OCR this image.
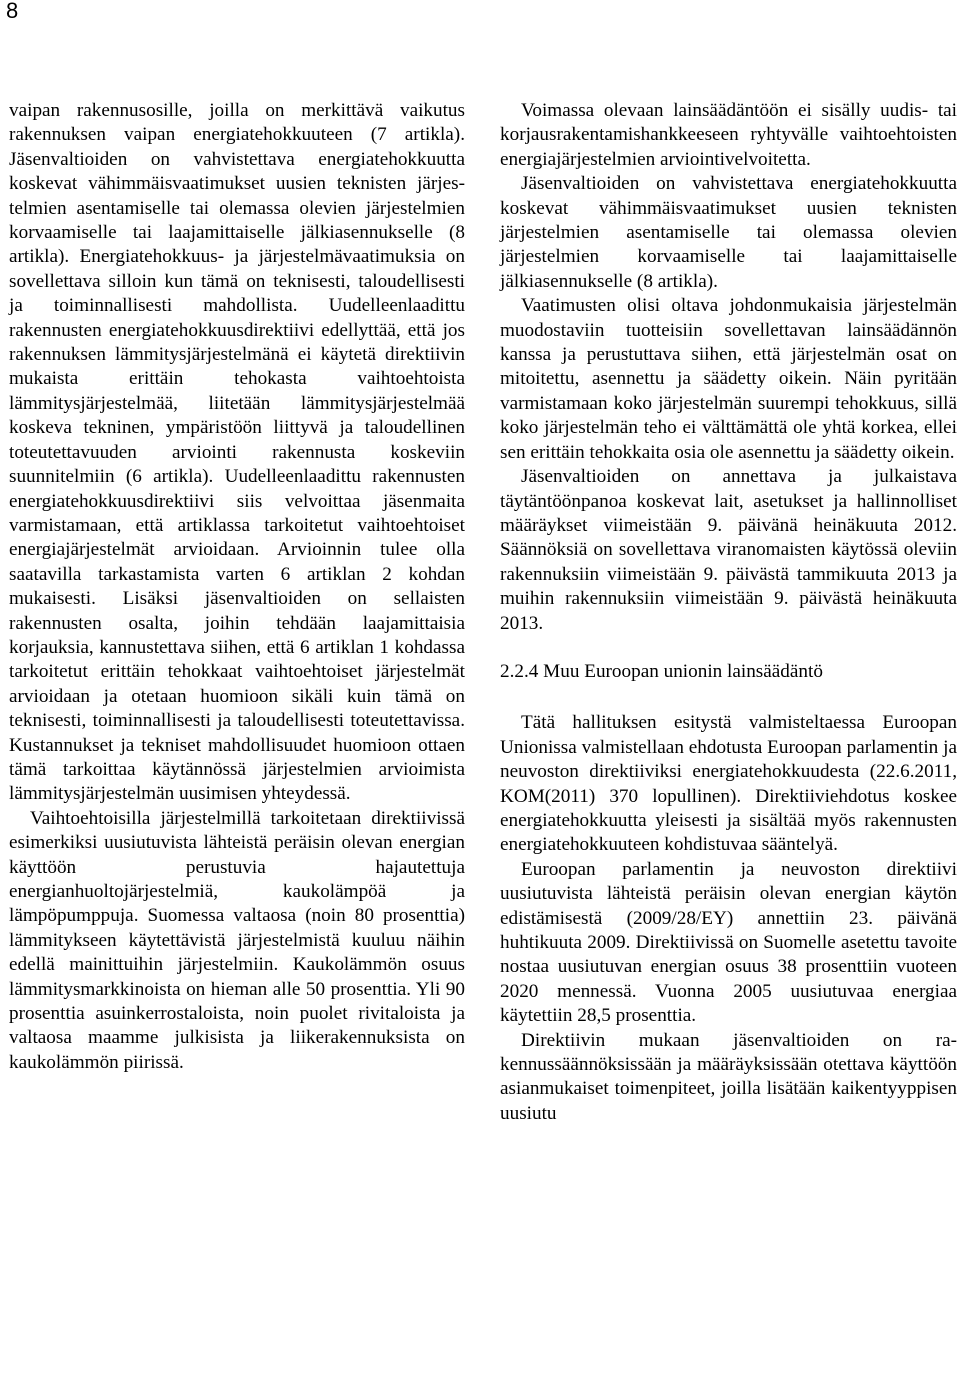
8

vaipan rakennusosille, joilla on merkittävä vaikutus rakennuksen vaipan energiatehokkuuteen (7 artikla). Jäsenvaltioiden on vahvistettava energiatehokkuutta koskevat vähimmäisvaatimukset uusien teknisten järjestelmien asentamiselle tai olemassa olevien järjestelmien korvaamiselle tai laajamittaiselle jälkiasennukselle (8 artikla). Energiatehokkuus- ja järjestelmävaatimuksia on sovellettava silloin kun tämä on teknisesti, taloudellisesti ja toiminnallisesti mahdollista. Uudelleenlaadittu rakennusten energiatehokkuusdirektiivi edellyttää, että jos rakennuksen lämmitysjärjestelmänä ei käytetä direktiivin mukaista erittäin tehokasta vaihtoehtoista lämmitysjärjestelmää, liitetään lämmitysjärjestelmää koskeva tekninen, ympäristöön liittyvä ja taloudellinen toteutettavuuden arviointi rakennusta koskeviin suunnitelmiin (6 artikla). Uudelleenlaadittu rakennusten energiatehokkuusdirektiivi siis velvoittaa jäsenmaita varmistamaan, että artiklassa tarkoitetut vaihtoehtoiset energiajärjestelmät arvioidaan. Arvioinnin tulee olla saatavilla tarkastamista varten 6 artiklan 2 kohdan mukaisesti. Lisäksi jäsenvaltioiden on sellaisten rakennusten osalta, joihin tehdään laajamittaisia korjauksia, kannustettava siihen, että 6 artiklan 1 kohdassa tarkoitetut erittäin tehokkaat vaihtoehtoiset järjestelmät arvioidaan ja otetaan huomioon sikäli kuin tämä on teknisesti, toiminnallisesti ja taloudellisesti toteutettavissa. Kustannukset ja tekniset mahdollisuudet huomioon ottaen tämä tarkoittaa käytännössä järjestelmien arvioimista lämmitysjärjestelmän uusimisen yhteydessä.

Vaihtoehtoisilla järjestelmillä tarkoitetaan direktiivissä esimerkiksi uusiutuvista lähteistä peräisin olevan energian käyttöön perustuvia hajautettuja energianhuoltojärjestelmiä, kaukolämpöä ja lämpöpumppuja. Suomessa valtaosa (noin 80 prosenttia) lämmitykseen käytettävistä järjestelmistä kuuluu näihin edellä mainittuihin järjestelmiin. Kaukolämmön osuus lämmitysmarkkinoista on hieman alle 50 prosenttia. Yli 90 prosenttia asuinkerrostaloista, noin puolet rivitaloista ja valtaosa maamme julkisista ja liikerakennuksista on kaukolämmön piirissä.

Voimassa olevaan lainsäädäntöön ei sisälly uudis- tai korjausrakentamishankkeeseen ryhtyvälle vaihtoehtoisten energiajärjestelmien arviointivelvoitetta.

Jäsenvaltioiden on vahvistettava energiatehokkuutta koskevat vähimmäisvaatimukset uusien teknisten järjestelmien asentamiselle tai olemassa olevien järjestelmien korvaamiselle tai laajamittaiselle jälkiasennukselle (8 artikla).

Vaatimusten olisi oltava johdonmukaisia järjestelmän muodostaviin tuotteisiin sovellettavan lainsäädännön kanssa ja perustuttava siihen, että järjestelmän osat on mitoitettu, asennettu ja säädetty oikein. Näin pyritään varmistamaan koko järjestelmän suurempi tehokkuus, sillä koko järjestelmän teho ei välttämättä ole yhtä korkea, ellei sen erittäin tehokkaita osia ole asennettu ja säädetty oikein.

Jäsenvaltioiden on annettava ja julkaistava täytäntöönpanoa koskevat lait, asetukset ja hallinnolliset määräykset viimeistään 9. päivänä heinäkuuta 2012. Säännöksiä on sovellettava viranomaisten käytössä oleviin rakennuksiin viimeistään 9. päivästä tammikuuta 2013 ja muihin rakennuksiin viimeistään 9. päivästä heinäkuuta 2013.

2.2.4 Muu Euroopan unionin lainsäädäntö

Tätä hallituksen esitystä valmisteltaessa Euroopan Unionissa valmistellaan ehdotusta Euroopan parlamentin ja neuvoston direktiiviksi energiatehokkuudesta (22.6.2011, KOM(2011) 370 lopullinen). Direktiiviehdotus koskee energiatehokkuutta yleisesti ja sisältää myös rakennusten energiatehokkuuteen kohdistuvaa sääntelyä.

Euroopan parlamentin ja neuvoston direktiivi uusiutuvista lähteistä peräisin olevan energian käytön edistämisestä (2009/28/EY) annettiin 23. päivänä huhtikuuta 2009. Direktiivissä on Suomelle asetettu tavoite nostaa uusiutuvan energian osuus 38 prosenttiin vuoteen 2020 mennessä. Vuonna 2005 uusiutuvaa energiaa käytettiin 28,5 prosenttia.

Direktiivin mukaan jäsenvaltioiden on rakennussäännöksissään ja määräyksissään otettava käyttöön asianmukaiset toimenpiteet, joilla lisätään kaikentyyppisen uusiutu
